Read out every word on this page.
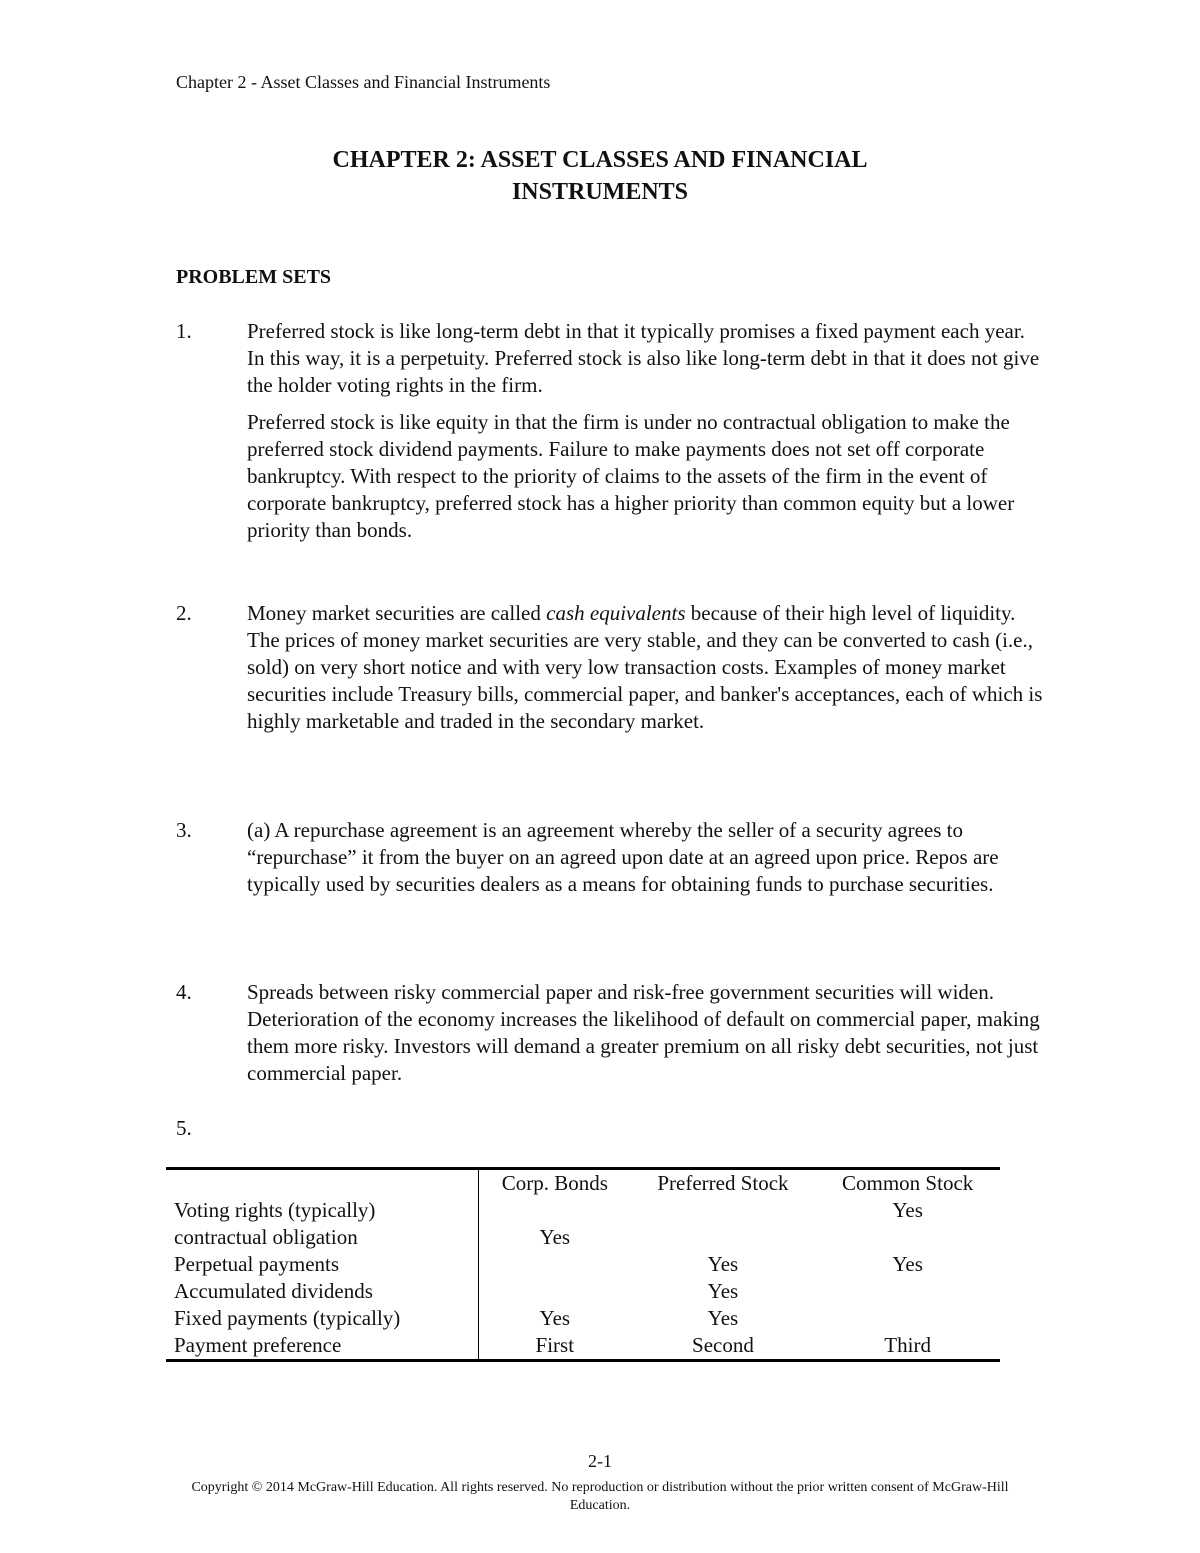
Chapter 2 - Asset Classes and Financial Instruments
CHAPTER 2: ASSET CLASSES AND FINANCIAL
INSTRUMENTS
PROBLEM SETS
1.	Preferred stock is like long-term debt in that it typically promises a fixed payment each year. In this way, it is a perpetuity. Preferred stock is also like long-term debt in that it does not give the holder voting rights in the firm.

Preferred stock is like equity in that the firm is under no contractual obligation to make the preferred stock dividend payments. Failure to make payments does not set off corporate bankruptcy. With respect to the priority of claims to the assets of the firm in the event of corporate bankruptcy, preferred stock has a higher priority than common equity but a lower priority than bonds.

2.	Money market securities are called cash equivalents because of their high level of liquidity. The prices of money market securities are very stable, and they can be converted to cash (i.e., sold) on very short notice and with very low transaction costs. Examples of money market securities include Treasury bills, commercial paper, and banker's acceptances, each of which is highly marketable and traded in the secondary market.

3.	(a) A repurchase agreement is an agreement whereby the seller of a security agrees to “repurchase” it from the buyer on an agreed upon date at an agreed upon price. Repos are typically used by securities dealers as a means for obtaining funds to purchase securities.

4.	Spreads between risky commercial paper and risk-free government securities will widen. Deterioration of the economy increases the likelihood of default on commercial paper, making them more risky. Investors will demand a greater premium on all risky debt securities, not just commercial paper.

5.
	Corp. Bonds	Preferred Stock	Common Stock
Voting rights (typically)			Yes
contractual obligation	Yes		
Perpetual payments		Yes	Yes
Accumulated dividends		Yes	
Fixed payments (typically)	Yes	Yes	
Payment preference	First	Second	Third
2-1
Copyright © 2014 McGraw-Hill Education. All rights reserved. No reproduction or distribution without the prior written consent of McGraw-Hill Education.
